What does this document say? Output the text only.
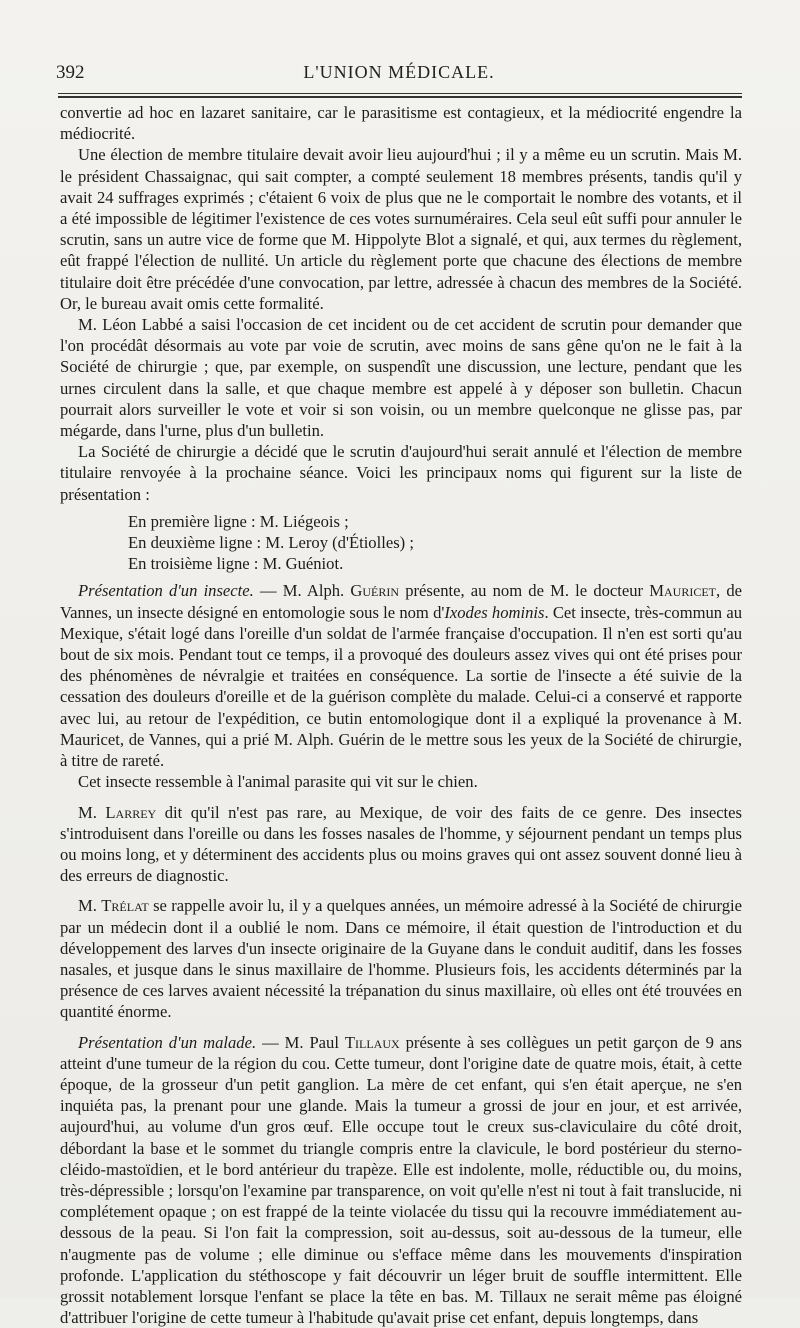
392	L'UNION MÉDICALE.

convertie ad hoc en lazaret sanitaire, car le parasitisme est contagieux, et la médiocrité engendre la médiocrité.

Une élection de membre titulaire devait avoir lieu aujourd'hui ; il y a même eu un scrutin. Mais M. le président Chassaignac, qui sait compter, a compté seulement 18 membres présents, tandis qu'il y avait 24 suffrages exprimés ; c'étaient 6 voix de plus que ne le comportait le nombre des votants, et il a été impossible de légitimer l'existence de ces votes surnuméraires. Cela seul eût suffi pour annuler le scrutin, sans un autre vice de forme que M. Hippolyte Blot a signalé, et qui, aux termes du règlement, eût frappé l'élection de nullité. Un article du règlement porte que chacune des élections de membre titulaire doit être précédée d'une convocation, par lettre, adressée à chacun des membres de la Société. Or, le bureau avait omis cette formalité.

M. Léon Labbé a saisi l'occasion de cet incident ou de cet accident de scrutin pour demander que l'on procédât désormais au vote par voie de scrutin, avec moins de sans gêne qu'on ne le fait à la Société de chirurgie ; que, par exemple, on suspendît une discussion, une lecture, pendant que les urnes circulent dans la salle, et que chaque membre est appelé à y déposer son bulletin. Chacun pourrait alors surveiller le vote et voir si son voisin, ou un membre quelconque ne glisse pas, par mégarde, dans l'urne, plus d'un bulletin.

La Société de chirurgie a décidé que le scrutin d'aujourd'hui serait annulé et l'élection de membre titulaire renvoyée à la prochaine séance. Voici les principaux noms qui figurent sur la liste de présentation :

En première ligne : M. Liégeois ;
En deuxième ligne : M. Leroy (d'Étiolles) ;
En troisième ligne : M. Guéniot.

Présentation d'un insecte. — M. Alph. Guérin présente, au nom de M. le docteur Mauricet, de Vannes, un insecte désigné en entomologie sous le nom d'Ixodes hominis. Cet insecte, très-commun au Mexique, s'était logé dans l'oreille d'un soldat de l'armée française d'occupation. Il n'en est sorti qu'au bout de six mois. Pendant tout ce temps, il a provoqué des douleurs assez vives qui ont été prises pour des phénomènes de névralgie et traitées en conséquence. La sortie de l'insecte a été suivie de la cessation des douleurs d'oreille et de la guérison complète du malade. Celui-ci a conservé et rapporte avec lui, au retour de l'expédition, ce butin entomologique dont il a expliqué la provenance à M. Mauricet, de Vannes, qui a prié M. Alph. Guérin de le mettre sous les yeux de la Société de chirurgie, à titre de rareté.

Cet insecte ressemble à l'animal parasite qui vit sur le chien.

M. Larrey dit qu'il n'est pas rare, au Mexique, de voir des faits de ce genre. Des insectes s'introduisent dans l'oreille ou dans les fosses nasales de l'homme, y séjournent pendant un temps plus ou moins long, et y déterminent des accidents plus ou moins graves qui ont assez souvent donné lieu à des erreurs de diagnostic.

M. Trélat se rappelle avoir lu, il y a quelques années, un mémoire adressé à la Société de chirurgie par un médecin dont il a oublié le nom. Dans ce mémoire, il était question de l'introduction et du développement des larves d'un insecte originaire de la Guyane dans le conduit auditif, dans les fosses nasales, et jusque dans le sinus maxillaire de l'homme. Plusieurs fois, les accidents déterminés par la présence de ces larves avaient nécessité la trépanation du sinus maxillaire, où elles ont été trouvées en quantité énorme.

Présentation d'un malade. — M. Paul Tillaux présente à ses collègues un petit garçon de 9 ans atteint d'une tumeur de la région du cou. Cette tumeur, dont l'origine date de quatre mois, était, à cette époque, de la grosseur d'un petit ganglion. La mère de cet enfant, qui s'en était aperçue, ne s'en inquiéta pas, la prenant pour une glande. Mais la tumeur a grossi de jour en jour, et est arrivée, aujourd'hui, au volume d'un gros œuf. Elle occupe tout le creux sus-claviculaire du côté droit, débordant la base et le sommet du triangle compris entre la clavicule, le bord postérieur du sterno-cléido-mastoïdien, et le bord antérieur du trapèze. Elle est indolente, molle, réductible ou, du moins, très-dépressible ; lorsqu'on l'examine par transparence, on voit qu'elle n'est ni tout à fait translucide, ni complétement opaque ; on est frappé de la teinte violacée du tissu qui la recouvre immédiatement au-dessous de la peau. Si l'on fait la compression, soit au-dessus, soit au-dessous de la tumeur, elle n'augmente pas de volume ; elle diminue ou s'efface même dans les mouvements d'inspiration profonde. L'application du stéthoscope y fait découvrir un léger bruit de souffle intermittent. Elle grossit notablement lorsque l'enfant se place la tête en bas. M. Tillaux ne serait même pas éloigné d'attribuer l'origine de cette tumeur à l'habitude qu'avait prise cet enfant, depuis longtemps, dans
